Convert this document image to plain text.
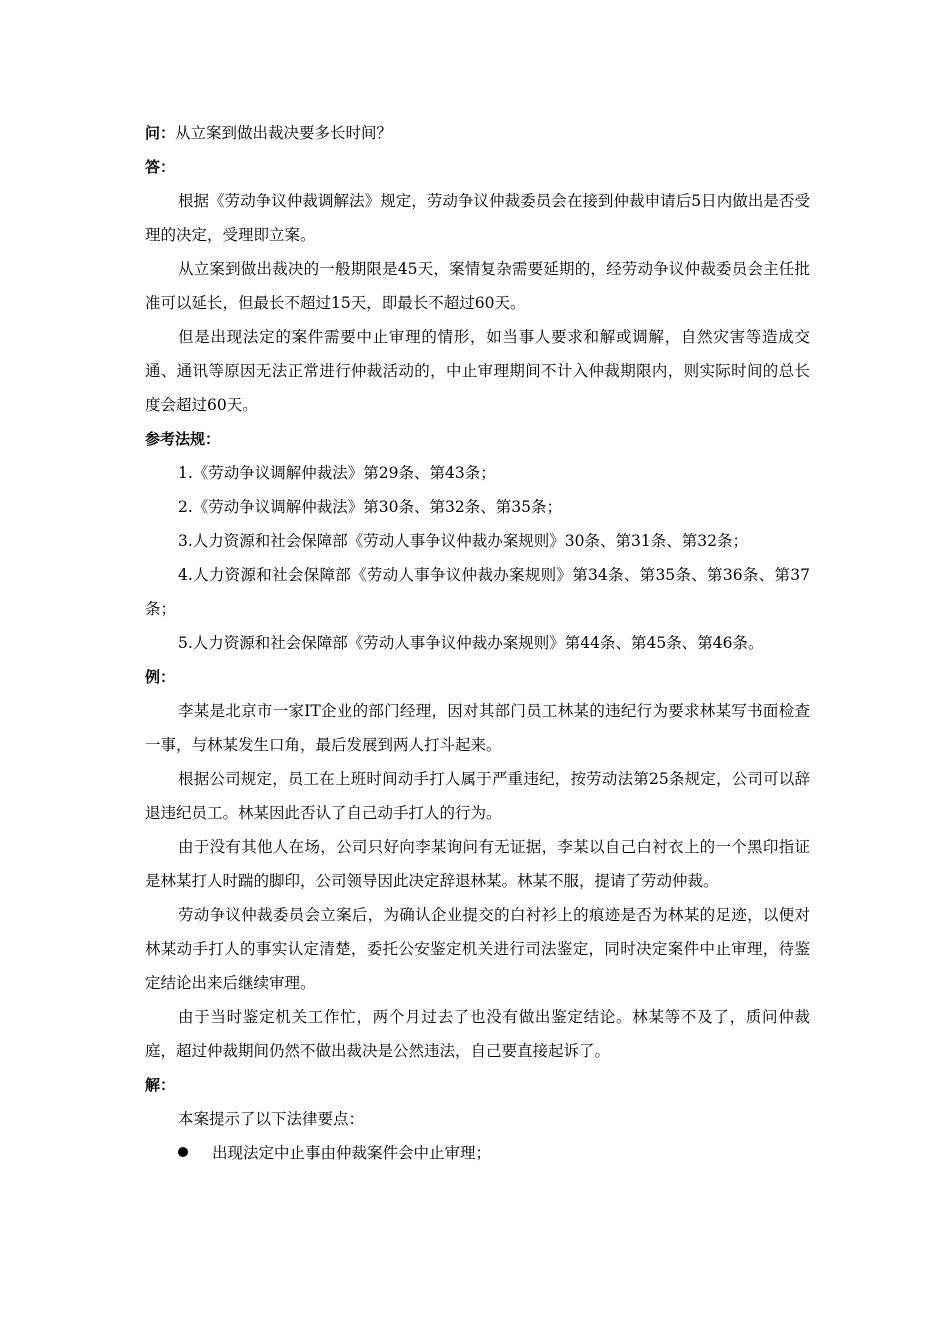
问：从立案到做出裁决要多长时间？

答：

根据《劳动争议仲裁调解法》规定，劳动争议仲裁委员会在接到仲裁申请后5日内做出是否受理的决定，受理即立案。

从立案到做出裁决的一般期限是45天，案情复杂需要延期的，经劳动争议仲裁委员会主任批准可以延长，但最长不超过15天，即最长不超过60天。

但是出现法定的案件需要中止审理的情形，如当事人要求和解或调解，自然灾害等造成交通、通讯等原因无法正常进行仲裁活动的，中止审理期间不计入仲裁期限内，则实际时间的总长度会超过60天。

参考法规：

1.《劳动争议调解仲裁法》第29条、第43条；

2.《劳动争议调解仲裁法》第30条、第32条、第35条；

3.人力资源和社会保障部《劳动人事争议仲裁办案规则》30条、第31条、第32条；

4.人力资源和社会保障部《劳动人事争议仲裁办案规则》第34条、第35条、第36条、第37条；

5.人力资源和社会保障部《劳动人事争议仲裁办案规则》第44条、第45条、第46条。

例：

李某是北京市一家IT企业的部门经理，因对其部门员工林某的违纪行为要求林某写书面检查一事，与林某发生口角，最后发展到两人打斗起来。

根据公司规定，员工在上班时间动手打人属于严重违纪，按劳动法第25条规定，公司可以辞退违纪员工。林某因此否认了自己动手打人的行为。

由于没有其他人在场，公司只好向李某询问有无证据，李某以自己白衬衣上的一个黑印指证是林某打人时踹的脚印，公司领导因此决定辞退林某。林某不服，提请了劳动仲裁。

劳动争议仲裁委员会立案后，为确认企业提交的白衬衫上的痕迹是否为林某的足迹，以便对林某动手打人的事实认定清楚，委托公安鉴定机关进行司法鉴定，同时决定案件中止审理，待鉴定结论出来后继续审理。

由于当时鉴定机关工作忙，两个月过去了也没有做出鉴定结论。林某等不及了，质问仲裁庭，超过仲裁期间仍然不做出裁决是公然违法，自己要直接起诉了。

解：

本案提示了以下法律要点：

出现法定中止事由仲裁案件会中止审理；
